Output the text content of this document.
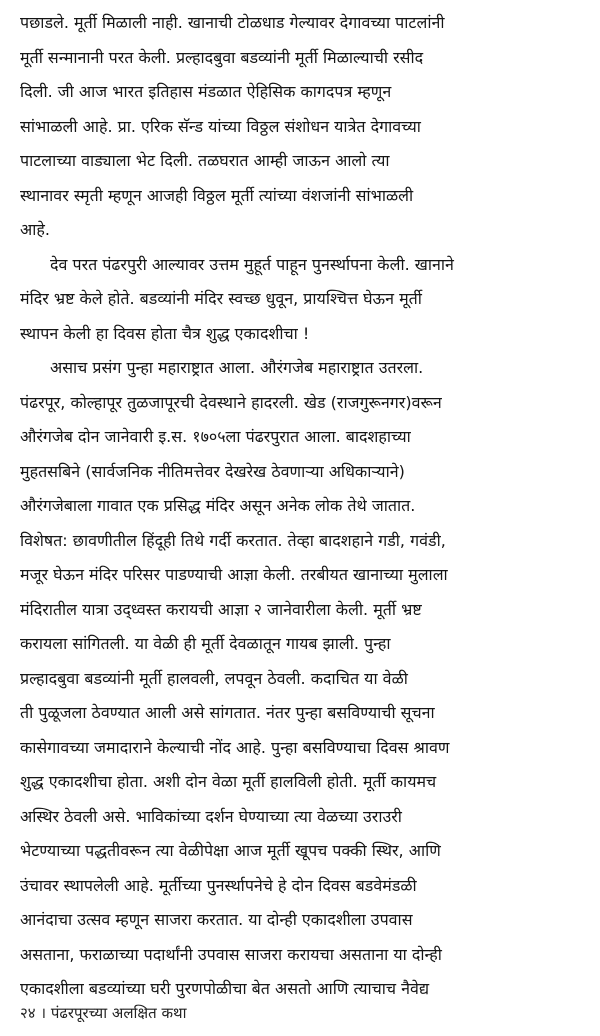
पछाडले. मूर्ती मिळाली नाही. खानाची टोळधाड गेल्यावर देगावच्या पाटलांनी
मूर्ती सन्मानानी परत केली. प्रल्हादबुवा बडव्यांनी मूर्ती मिळाल्याची रसीद
दिली. जी आज भारत इतिहास मंडळात ऐहिसिक कागदपत्र म्हणून
सांभाळली आहे. प्रा. एरिक सॅन्ड यांच्या विठ्ठल संशोधन यात्रेत देगावच्या
पाटलाच्या वाड्याला भेट दिली. तळघरात आम्ही जाऊन आलो त्या
स्थानावर स्मृती म्हणून आजही विठ्ठल मूर्ती त्यांच्या वंशजांनी सांभाळली
आहे.
देव परत पंढरपुरी आल्यावर उत्तम मुहूर्त पाहून पुनर्स्थापना केली. खानाने
मंदिर भ्रष्ट केले होते. बडव्यांनी मंदिर स्वच्छ धुवून, प्रायश्चित्त घेऊन मूर्ती
स्थापन केली हा दिवस होता चैत्र शुद्ध एकादशीचा !
असाच प्रसंग पुन्हा महाराष्ट्रात आला. औरंगजेब महाराष्ट्रात उतरला.
पंढरपूर, कोल्हापूर तुळजापूरची देवस्थाने हादरली. खेड (राजगुरूनगर)वरून
औरंगजेब दोन जानेवारी इ.स. १७०५ला पंढरपुरात आला. बादशहाच्या
मुहतसबिने (सार्वजनिक नीतिमत्तेवर देखरेख ठेवणाऱ्या अधिकाऱ्याने)
औरंगजेबाला गावात एक प्रसिद्ध मंदिर असून अनेक लोक तेथे जातात.
विशेषत: छावणीतील हिंदूही तिथे गर्दी करतात. तेव्हा बादशहाने गडी, गवंडी,
मजूर घेऊन मंदिर परिसर पाडण्याची आज्ञा केली. तरबीयत खानाच्या मुलाला
मंदिरातील यात्रा उद्ध्वस्त करायची आज्ञा २ जानेवारीला केली. मूर्ती भ्रष्ट
करायला सांगितली. या वेळी ही मूर्ती देवळातून गायब झाली. पुन्हा
प्रल्हादबुवा बडव्यांनी मूर्ती हालवली, लपवून ठेवली. कदाचित या वेळी
ती पुळूजला ठेवण्यात आली असे सांगतात. नंतर पुन्हा बसविण्याची सूचना
कासेगावच्या जमादाराने केल्याची नोंद आहे. पुन्हा बसविण्याचा दिवस श्रावण
शुद्ध एकादशीचा होता. अशी दोन वेळा मूर्ती हालविली होती. मूर्ती कायमच
अस्थिर ठेवली असे. भाविकांच्या दर्शन घेण्याच्या त्या वेळच्या उराउरी
भेटण्याच्या पद्धतीवरून त्या वेळीपेक्षा आज मूर्ती खूपच पक्की स्थिर, आणि
उंचावर स्थापलेली आहे. मूर्तीच्या पुनर्स्थापनेचे हे दोन दिवस बडवेमंडळी
आनंदाचा उत्सव म्हणून साजरा करतात. या दोन्ही एकादशीला उपवास
असताना, फराळाच्या पदार्थांनी उपवास साजरा करायचा असताना या दोन्ही
एकादशीला बडव्यांच्या घरी पुरणपोळीचा बेत असतो आणि त्याचाच नैवेद्य
२४ । पंढरपूरच्या अलक्षित कथा
